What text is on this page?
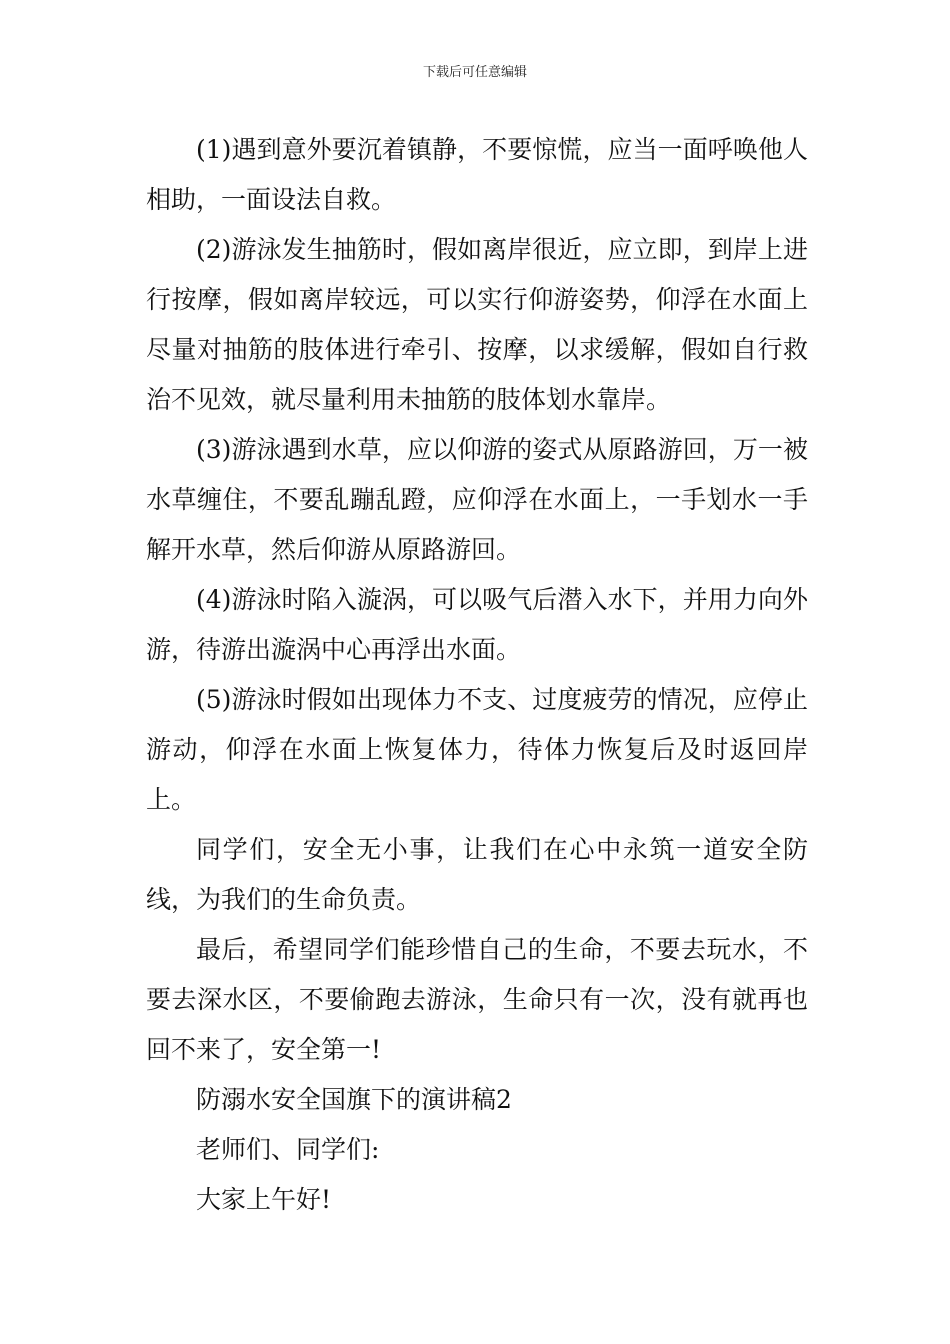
下载后可任意编辑

(1)遇到意外要沉着镇静，不要惊慌，应当一面呼唤他人相助，一面设法自救。

(2)游泳发生抽筋时，假如离岸很近，应立即，到岸上进行按摩，假如离岸较远，可以实行仰游姿势，仰浮在水面上尽量对抽筋的肢体进行牵引、按摩，以求缓解，假如自行救治不见效，就尽量利用未抽筋的肢体划水靠岸。

(3)游泳遇到水草，应以仰游的姿式从原路游回，万一被水草缠住，不要乱蹦乱蹬，应仰浮在水面上，一手划水一手解开水草，然后仰游从原路游回。

(4)游泳时陷入漩涡，可以吸气后潜入水下，并用力向外游，待游出漩涡中心再浮出水面。

(5)游泳时假如出现体力不支、过度疲劳的情况，应停止游动，仰浮在水面上恢复体力，待体力恢复后及时返回岸上。

同学们，安全无小事，让我们在心中永筑一道安全防线，为我们的生命负责。

最后，希望同学们能珍惜自己的生命，不要去玩水，不要去深水区，不要偷跑去游泳，生命只有一次，没有就再也回不来了，安全第一!

防溺水安全国旗下的演讲稿2

老师们、同学们:

大家上午好!
